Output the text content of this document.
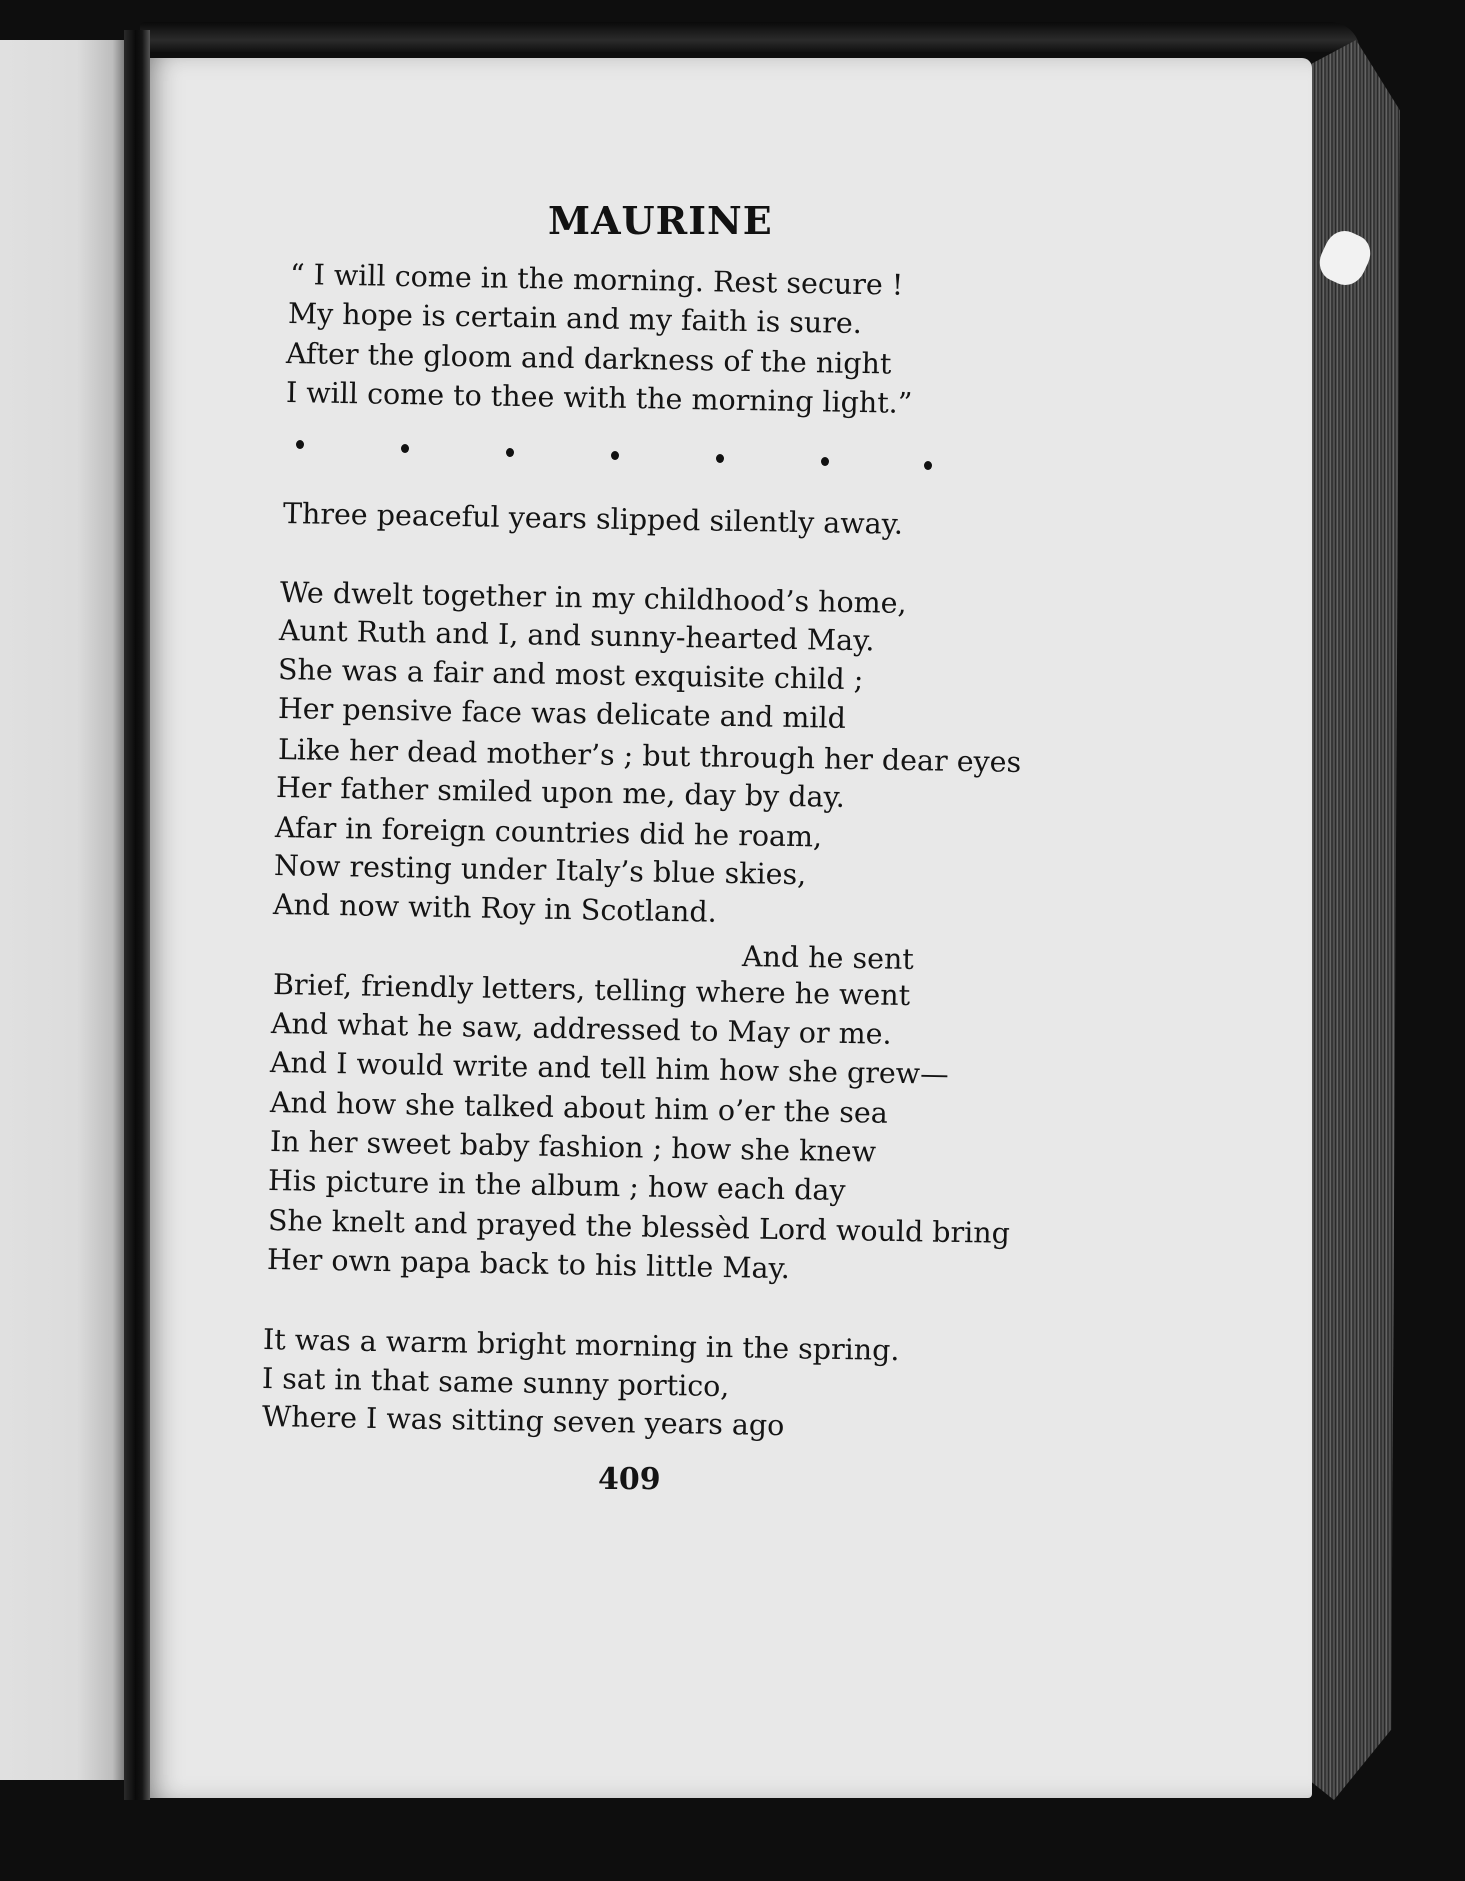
MAURINE
“ I will come in the morning. Rest secure !
My hope is certain and my faith is sure.
After the gloom and darkness of the night
I will come to thee with the morning light.”
Three peaceful years slipped silently away.
We dwelt together in my childhood’s home,
Aunt Ruth and I, and sunny-hearted May.
She was a fair and most exquisite child ;
Her pensive face was delicate and mild
Like her dead mother’s ; but through her dear eyes
Her father smiled upon me, day by day.
Afar in foreign countries did he roam,
Now resting under Italy’s blue skies,
And now with Roy in Scotland.
And he sent
Brief, friendly letters, telling where he went
And what he saw, addressed to May or me.
And I would write and tell him how she grew—
And how she talked about him o’er the sea
In her sweet baby fashion ; how she knew
His picture in the album ; how each day
She knelt and prayed the blessèd Lord would bring
Her own papa back to his little May.
It was a warm bright morning in the spring.
I sat in that same sunny portico,
Where I was sitting seven years ago
409
